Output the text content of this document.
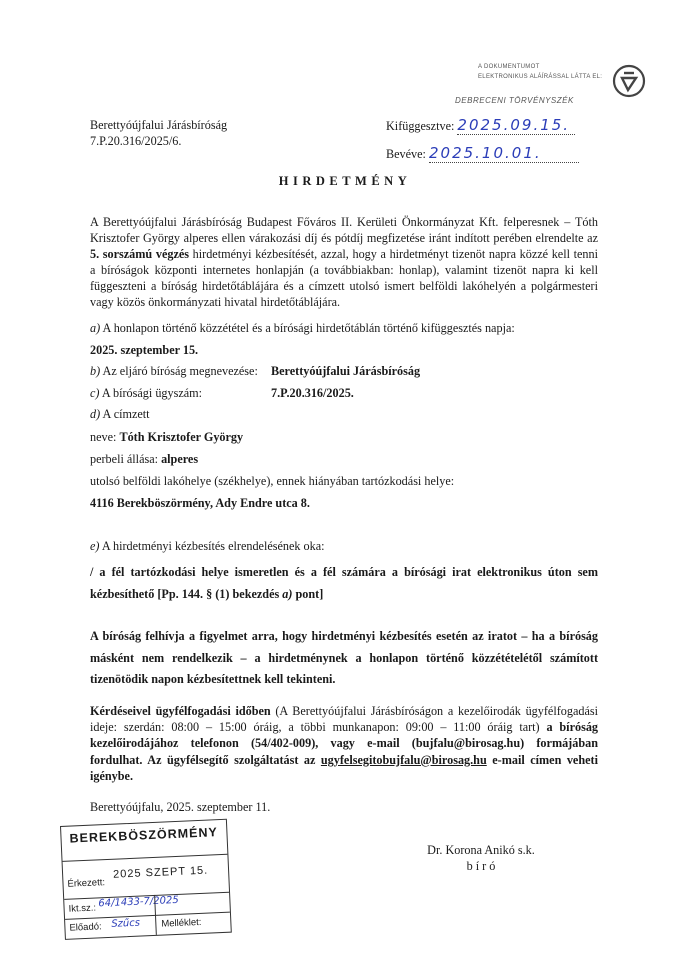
A DOKUMENTUMOT
ELEKTRONIKUS ALÁÍRÁSSAL LÁTTA EL:
DEBRECENI TÖRVÉNYSZÉK
Berettyóújfalui Járásbíróság
7.P.20.316/2025/6.
Kifüggesztve: 2025.09.15.
Bevéve: 2025.10.01.
HIRDETMÉNY
A Berettyóújfalui Járásbíróság Budapest Főváros II. Kerületi Önkormányzat Kft. felperesnek – Tóth Krisztofer György alperes ellen várakozási díj és pótdíj megfizetése iránt indított perében elrendelte az 5. sorszámú végzés hirdetményi kézbesítését, azzal, hogy a hirdetményt tizenöt napra közzé kell tenni a bíróságok központi internetes honlapján (a továbbiakban: honlap), valamint tizenöt napra ki kell függeszteni a bíróság hirdetőtáblájára és a címzett utolsó ismert belföldi lakóhelyén a polgármesteri vagy közös önkormányzati hivatal hirdetőtáblájára.
a) A honlapon történő közzététel és a bírósági hirdetőtáblán történő kifüggesztés napja:
2025. szeptember 15.
b) Az eljáró bíróság megnevezése: Berettyóújfalui Járásbíróság
c) A bírósági ügyszám:	7.P.20.316/2025.
d) A címzett
neve: Tóth Krisztofer György
perbeli állása: alperes
utolsó belföldi lakóhelye (székhelye), ennek hiányában tartózkodási helye:
4116 Berekböszörmény, Ady Endre utca 8.
e) A hirdetményi kézbesítés elrendelésének oka:
/ a fél tartózkodási helye ismeretlen és a fél számára a bírósági irat elektronikus úton sem kézbesíthető [Pp. 144. § (1) bekezdés a) pont]
A bíróság felhívja a figyelmet arra, hogy hirdetményi kézbesítés esetén az iratot – ha a bíróság másként nem rendelkezik – a hirdetménynek a honlapon történő közzétételétől számított tizenötödik napon kézbesítettnek kell tekinteni.
Kérdéseivel ügyfélfogadási időben (A Berettyóújfalui Járásbíróságon a kezelőirodák ügyfélfogadási ideje: szerdán: 08:00 – 15:00 óráig, a többi munkanapon: 09:00 – 11:00 óráig tart) a bíróság kezelőirodájához telefonon (54/402-009), vagy e-mail (bujfalu@birosag.hu) formájában fordulhat. Az ügyfélsegítő szolgáltatást az ugyfelsegitobujfalu@birosag.hu e-mail címen veheti igénybe.
Berettyóújfalu, 2025. szeptember 11.
Dr. Korona Anikó s.k.
b í r ó
BEREKBÖSZÖRMÉNY
Érkezett:
2025 SZEPT 15.
Ikt.sz.: 64/1433-7/2025
Előadó: Szűcs Melléklet:
